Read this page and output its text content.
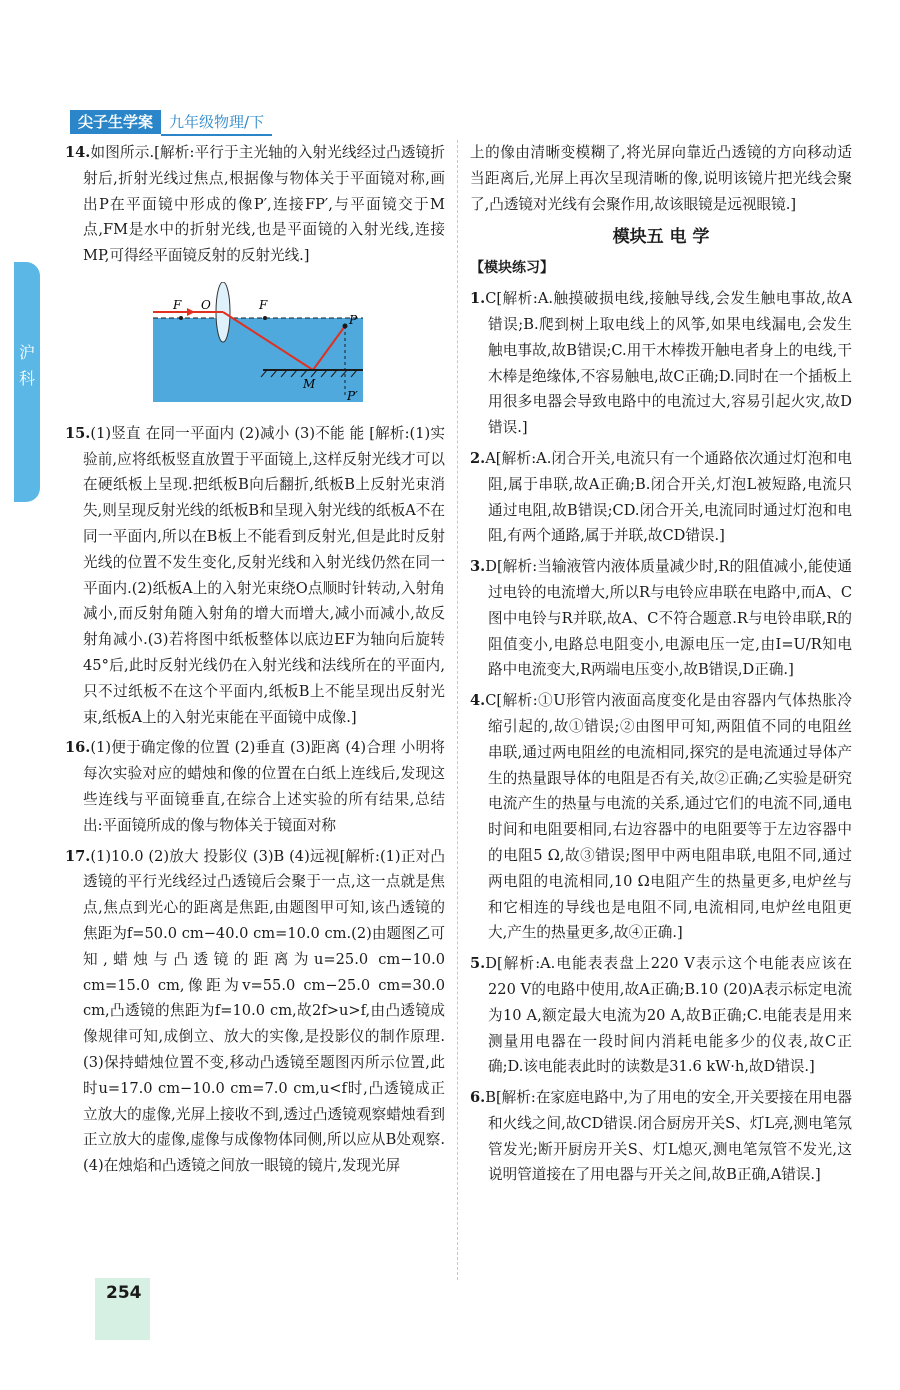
沪科
尖子生学案 九年级物理/下

14.如图所示.[解析:平行于主光轴的入射光线经过凸透镜折射后,折射光线过焦点,根据像与物体关于平面镜对称,画出P在平面镜中形成的像P′,连接FP′,与平面镜交于M点,FM是水中的折射光线,也是平面镜的入射光线,连接MP,可得经平面镜反射的反射光线.]

F O	F
P
M
P′

15.(1)竖直 在同一平面内 (2)减小 (3)不能 能 [解析:(1)实验前,应将纸板竖直放置于平面镜上,这样反射光线才可以在硬纸板上呈现.把纸板B向后翻折,纸板B上反射光束消失,则呈现反射光线的纸板B和呈现入射光线的纸板A不在同一平面内,所以在B板上不能看到反射光,但是此时反射光线的位置不发生变化,反射光线和入射光线仍然在同一平面内.(2)纸板A上的入射光束绕O点顺时针转动,入射角减小,而反射角随入射角的增大而增大,减小而减小,故反射角减小.(3)若将图中纸板整体以底边EF为轴向后旋转45°后,此时反射光线仍在入射光线和法线所在的平面内,只不过纸板不在这个平面内,纸板B上不能呈现出反射光束,纸板A上的入射光束能在平面镜中成像.]

16.(1)便于确定像的位置 (2)垂直 (3)距离 (4)合理 小明将每次实验对应的蜡烛和像的位置在白纸上连线后,发现这些连线与平面镜垂直,在综合上述实验的所有结果,总结出:平面镜所成的像与物体关于镜面对称

17.(1)10.0 (2)放大 投影仪 (3)B (4)远视[解析:(1)正对凸透镜的平行光线经过凸透镜后会聚于一点,这一点就是焦点,焦点到光心的距离是焦距,由题图甲可知,该凸透镜的焦距为f=50.0 cm−40.0 cm=10.0 cm.(2)由题图乙可知,蜡烛与凸透镜的距离为u=25.0 cm−10.0 cm=15.0 cm,像距为v=55.0 cm−25.0 cm=30.0 cm,凸透镜的焦距为f=10.0 cm,故2f>u>f,由凸透镜成像规律可知,成倒立、放大的实像,是投影仪的制作原理.(3)保持蜡烛位置不变,移动凸透镜至题图丙所示位置,此时u=17.0 cm−10.0 cm=7.0 cm,u<f时,凸透镜成正立放大的虚像,光屏上接收不到,透过凸透镜观察蜡烛看到正立放大的虚像,虚像与成像物体同侧,所以应从B处观察.(4)在烛焰和凸透镜之间放一眼镜的镜片,发现光屏

上的像由清晰变模糊了,将光屏向靠近凸透镜的方向移动适当距离后,光屏上再次呈现清晰的像,说明该镜片把光线会聚了,凸透镜对光线有会聚作用,故该眼镜是远视眼镜.]

模块五 电 学
【模块练习】

1.C[解析:A.触摸破损电线,接触导线,会发生触电事故,故A错误;B.爬到树上取电线上的风筝,如果电线漏电,会发生触电事故,故B错误;C.用干木棒拨开触电者身上的电线,干木棒是绝缘体,不容易触电,故C正确;D.同时在一个插板上用很多电器会导致电路中的电流过大,容易引起火灾,故D错误.]

2.A[解析:A.闭合开关,电流只有一个通路依次通过灯泡和电阻,属于串联,故A正确;B.闭合开关,灯泡L被短路,电流只通过电阻,故B错误;CD.闭合开关,电流同时通过灯泡和电阻,有两个通路,属于并联,故CD错误.]

3.D[解析:当输液管内液体质量减少时,R的阻值减小,能使通过电铃的电流增大,所以R与电铃应串联在电路中,而A、C图中电铃与R并联,故A、C不符合题意.R与电铃串联,R的阻值变小,电路总电阻变小,电源电压一定,由I=U/R知电路中电流变大,R两端电压变小,故B错误,D正确.]

4.C[解析:①U形管内液面高度变化是由容器内气体热胀冷缩引起的,故①错误;②由图甲可知,两阻值不同的电阻丝串联,通过两电阻丝的电流相同,探究的是电流通过导体产生的热量跟导体的电阻是否有关,故②正确;乙实验是研究电流产生的热量与电流的关系,通过它们的电流不同,通电时间和电阻要相同,右边容器中的电阻要等于左边容器中的电阻5 Ω,故③错误;图甲中两电阻串联,电阻不同,通过两电阻的电流相同,10 Ω电阻产生的热量更多,电炉丝与和它相连的导线也是电阻不同,电流相同,电炉丝电阻更大,产生的热量更多,故④正确.]

5.D[解析:A.电能表表盘上220 V表示这个电能表应该在220 V的电路中使用,故A正确;B.10 (20)A表示标定电流为10 A,额定最大电流为20 A,故B正确;C.电能表是用来测量用电器在一段时间内消耗电能多少的仪表,故C正确;D.该电能表此时的读数是31.6 kW·h,故D错误.]

6.B[解析:在家庭电路中,为了用电的安全,开关要接在用电器和火线之间,故CD错误.闭合厨房开关S、灯L亮,测电笔氖管发光;断开厨房开关S、灯L熄灭,测电笔氖管不发光,这说明管道接在了用电器与开关之间,故B正确,A错误.]

254
